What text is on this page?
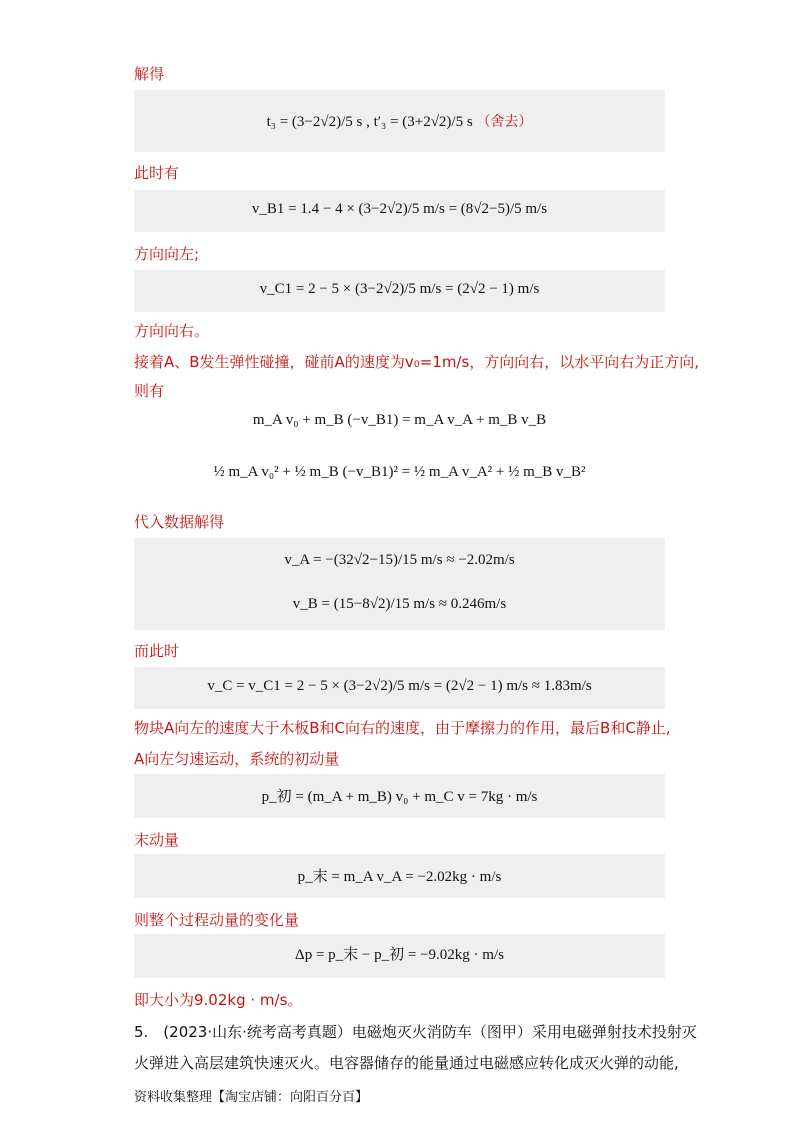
解得
t₃ = (3−2√2)/5 s , t′₃ = (3+2√2)/5 s （舍去）
此时有
v_B1 = 1.4 − 4 × (3−2√2)/5 m/s = (8√2−5)/5 m/s
方向向左;
v_C1 = 2 − 5 × (3−2√2)/5 m/s = (2√2 − 1) m/s
方向向右。
接着A、B发生弹性碰撞，碰前A的速度为v₀=1m/s，方向向右，以水平向右为正方向,
则有
m_A v₀ + m_B (−v_B1) = m_A v_A + m_B v_B
½ m_A v₀² + ½ m_B (−v_B1)² = ½ m_A v_A² + ½ m_B v_B²
代入数据解得
v_A = −(32√2−15)/15 m/s ≈ −2.02m/s
v_B = (15−8√2)/15 m/s ≈ 0.246m/s
而此时
v_C = v_C1 = 2 − 5 × (3−2√2)/5 m/s = (2√2 − 1) m/s ≈ 1.83m/s
物块A向左的速度大于木板B和C向右的速度，由于摩擦力的作用，最后B和C静止,
A向左匀速运动，系统的初动量
p_初 = (m_A + m_B) v₀ + m_C v = 7kg · m/s
末动量
p_末 = m_A v_A = −2.02kg · m/s
则整个过程动量的变化量
Δp = p_末 − p_初 = −9.02kg · m/s
即大小为9.02kg · m/s。
5.　(2023·山东·统考高考真题）电磁炮灭火消防车（图甲）采用电磁弹射技术投射灭
火弹进入高层建筑快速灭火。电容器储存的能量通过电磁感应转化成灭火弹的动能,
资料收集整理【淘宝店铺：向阳百分百】
